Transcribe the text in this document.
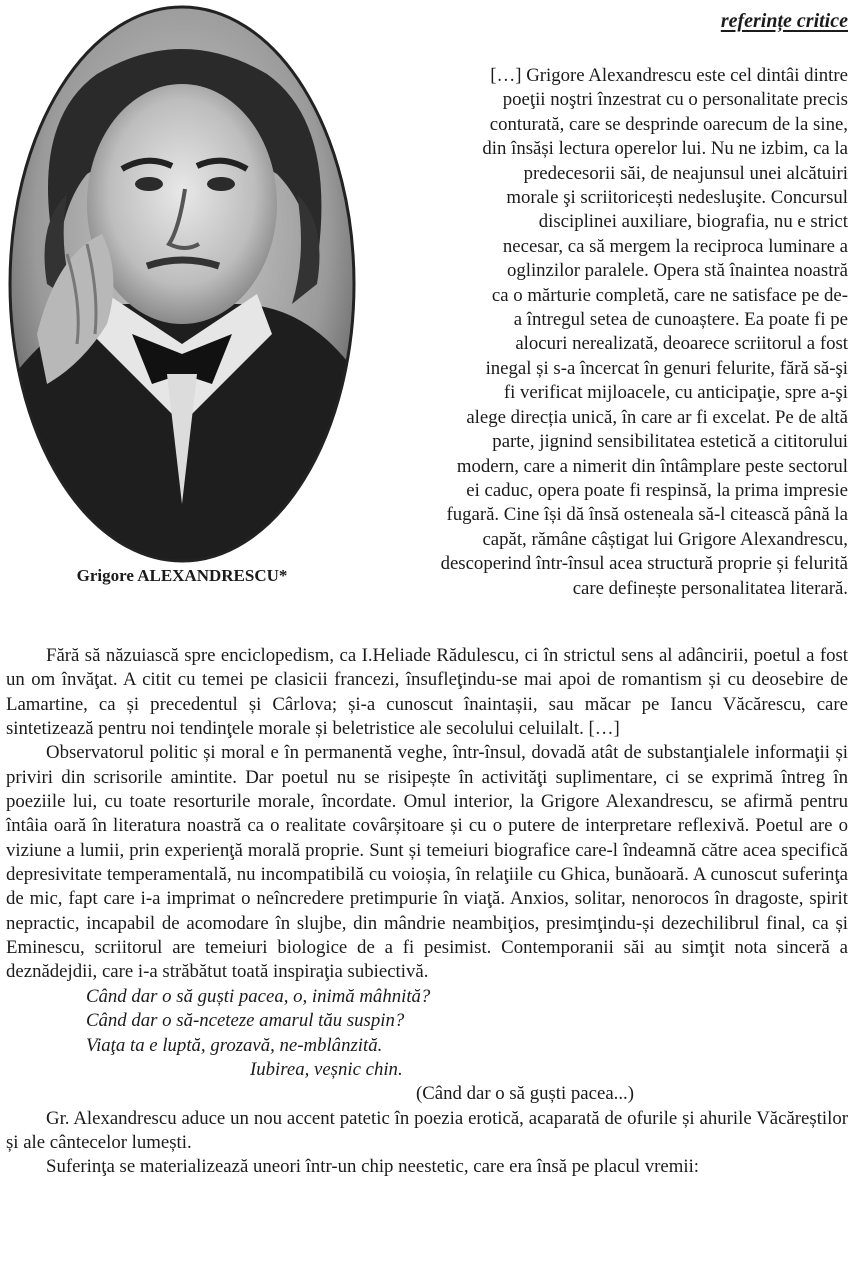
referințe critice

Grigore ALEXANDRESCU*

[…] Grigore Alexandrescu este cel dintâi dintre
poeţii noştri înzestrat cu o personalitate precis
conturată, care se desprinde oarecum de la sine,
din însăși lectura operelor lui. Nu ne izbim, ca la
predecesorii săi, de neajunsul unei alcătuiri
morale şi scriitoricești nedesluşite. Concursul
disciplinei auxiliare, biografia, nu e strict
necesar, ca să mergem la reciproca luminare a
oglinzilor paralele. Opera stă înaintea noastră
ca o mărturie completă, care ne satisface pe de-
a întregul setea de cunoaștere. Ea poate fi pe
alocuri nerealizată, deoarece scriitorul a fost
inegal și s-a încercat în genuri felurite, fără să-şi
fi verificat mijloacele, cu anticipaţie, spre a-şi
alege direcția unică, în care ar fi excelat. Pe de altă
parte, jignind sensibilitatea estetică a cititorului
modern, care a nimerit din întâmplare peste sectorul
ei caduc, opera poate fi respinsă, la prima impresie
fugară. Cine își dă însă osteneala să-l citească până la
capăt, rămâne câștigat lui Grigore Alexandrescu,
descoperind într-însul acea structură proprie și felurită
care definește personalitatea literară.

Fără să năzuiască spre enciclopedism, ca I.Heliade Rădulescu, ci în strictul sens al adâncirii, poetul a fost un om învăţat. A citit cu temei pe clasicii francezi, însufleţindu-se mai apoi de romantism și cu deosebire de Lamartine, ca și precedentul și Cârlova; și-a cunoscut înaintașii, sau măcar pe Iancu Văcărescu, care sintetizează pentru noi tendinţele morale și beletristice ale secolului celuilalt. […]

Observatorul politic și moral e în permanentă veghe, într-însul, dovadă atât de substanţialele informaţii și priviri din scrisorile amintite. Dar poetul nu se risipește în activităţi suplimentare, ci se exprimă întreg în poeziile lui, cu toate resorturile morale, încordate. Omul interior, la Grigore Alexandrescu, se afirmă pentru întâia oară în literatura noastră ca o realitate covârșitoare și cu o putere de interpretare reflexivă. Poetul are o viziune a lumii, prin experienţă morală proprie. Sunt și temeiuri biografice care-l îndeamnă către acea specifică depresivitate temperamentală, nu incompatibilă cu voioșia, în relaţiile cu Ghica, bunăoară. A cunoscut suferinţa de mic, fapt care i-a imprimat o neîncredere pretimpurie în viaţă. Anxios, solitar, nenorocos în dragoste, spirit nepractic, incapabil de acomodare în slujbe, din mândrie neambiţios, presimţindu-și dezechilibrul final, ca și Eminescu, scriitorul are temeiuri biologice de a fi pesimist. Contemporanii săi au simţit nota sinceră a deznădejdii, care i-a străbătut toată inspiraţia subiectivă.

Când dar o să guști pacea, o, inimă mâhnită?
Când dar o să-nceteze amarul tău suspin?
Viaţa ta e luptă, grozavă, ne-mblânzită.
Iubirea, veșnic chin.

(Când dar o să guști pacea...)

Gr. Alexandrescu aduce un nou accent patetic în poezia erotică, acaparată de ofurile și ahurile Văcăreștilor și ale cântecelor lumești.

Suferinţa se materializează uneori într-un chip neestetic, care era însă pe placul vremii:
